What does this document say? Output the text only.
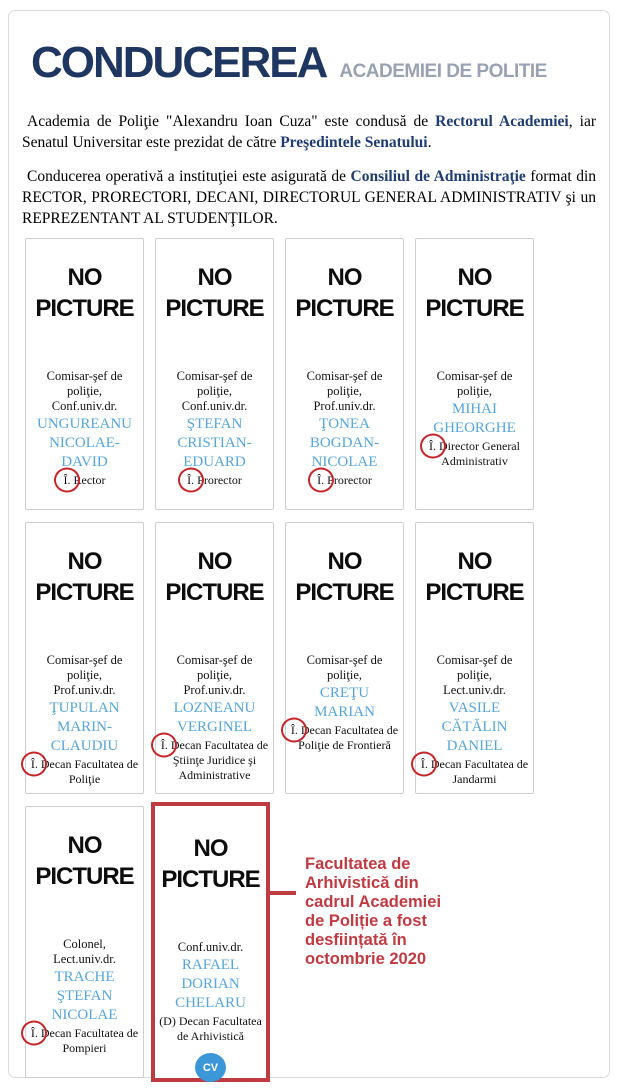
CONDUCEREA ACADEMIEI DE POLITIE

Academia de Poliţie "Alexandru Ioan Cuza" este condusă de Rectorul Academiei, iar Senatul Universitar este prezidat de către Preşedintele Senatului.

Conducerea operativă a instituţiei este asigurată de Consiliul de Administraţie format din RECTOR, PRORECTORI, DECANI, DIRECTORUL GENERAL ADMINISTRATIV şi un REPREZENTANT AL STUDENŢILOR.

NO PICTURE
Comisar-şef de poliţie,
Conf.univ.dr.
UNGUREANU NICOLAE-DAVID
Î. Rector
NO PICTURE
Comisar-şef de poliţie,
Conf.univ.dr.
ŞTEFAN CRISTIAN-EDUARD
Î. Prorector
NO PICTURE
Comisar-şef de poliţie,
Prof.univ.dr.
ŢONEA BOGDAN-NICOLAE
Î. Prorector
NO PICTURE
Comisar-şef de poliţie,
MIHAI GHEORGHE
Î. Director General Administrativ
NO PICTURE
Comisar-şef de poliţie,
Prof.univ.dr.
ŢUPULAN MARIN-CLAUDIU
Î. Decan Facultatea de Poliţie
NO PICTURE
Comisar-şef de poliţie,
Prof.univ.dr.
LOZNEANU VERGINEL
Î. Decan Facultatea de Ştiinţe Juridice şi Administrative
NO PICTURE
Comisar-şef de poliţie,
CREŢU MARIAN
Î. Decan Facultatea de Poliţie de Frontieră
NO PICTURE
Comisar-şef de poliţie,
Lect.univ.dr.
VASILE CĂTĂLIN DANIEL
Î. Decan Facultatea de Jandarmi
NO PICTURE
Colonel,
Lect.univ.dr.
TRACHE ŞTEFAN NICOLAE
Î. Decan Facultatea de Pompieri
NO PICTURE
Conf.univ.dr.
RAFAEL DORIAN CHELARU
(D) Decan Facultatea de Arhivistică
CV
Facultatea de Arhivistică din cadrul Academiei de Poliție a fost desființată în octombrie 2020
